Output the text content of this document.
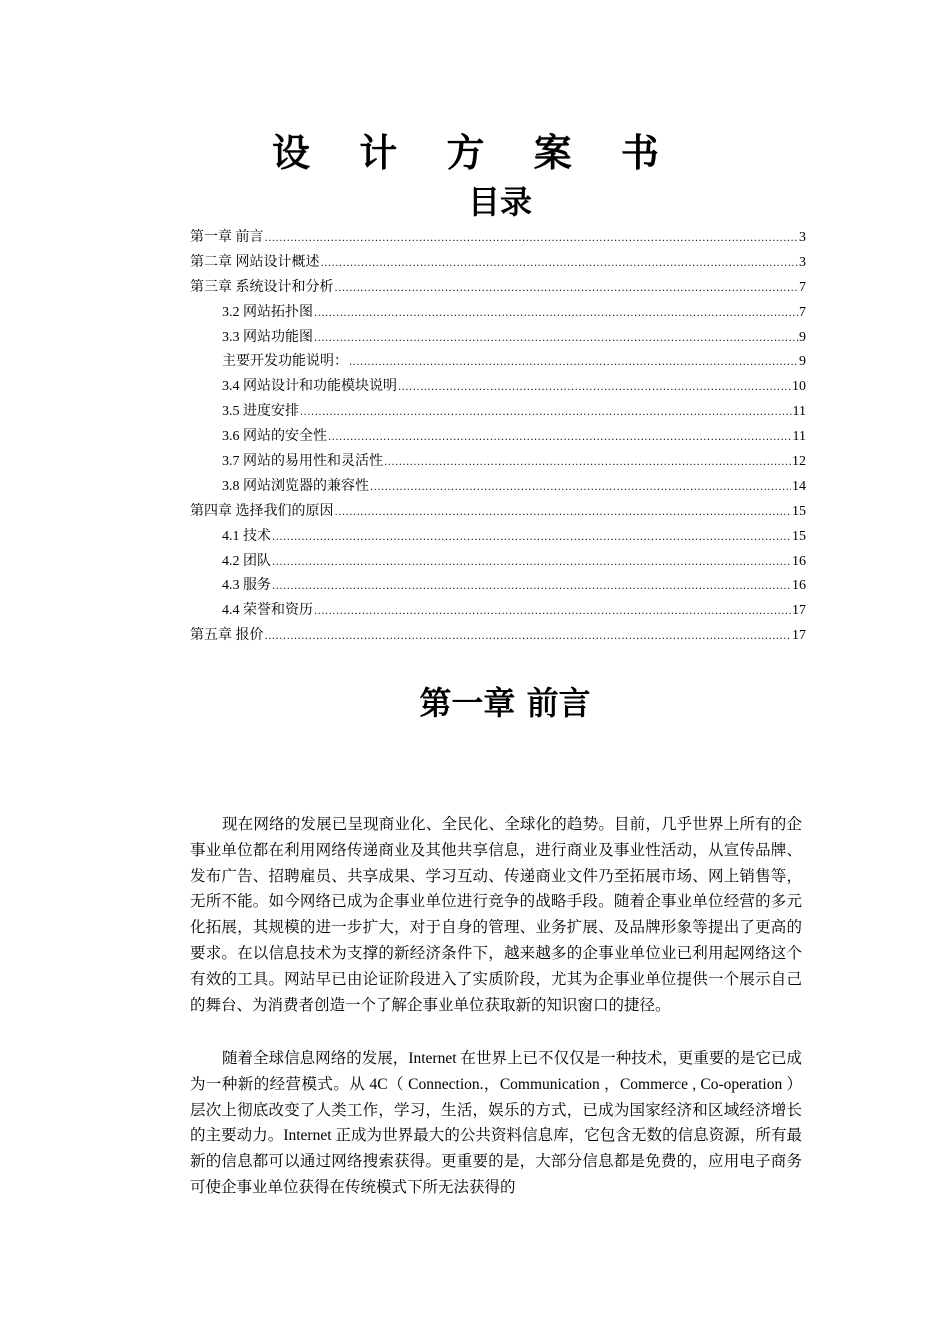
设 计 方 案 书
目录
第一章 前言 .....	3
第二章 网站设计概述 .....	3
第三章 系统设计和分析 .....	7
3.2 网站拓扑图 .....	7
3.3 网站功能图 .....	9
主要开发功能说明： .....	9
3.4 网站设计和功能模块说明 .....	10
3.5 进度安排 .....	11
3.6 网站的安全性 .....	11
3.7 网站的易用性和灵活性 .....	12
3.8 网站浏览器的兼容性 .....	14
第四章 选择我们的原因 .....	15
4.1 技术 .....	15
4.2 团队 .....	16
4.3 服务 .....	16
4.4 荣誉和资历 .....	17
第五章 报价 .....	17
第一章 前言

现在网络的发展已呈现商业化、全民化、全球化的趋势。目前，几乎世界上所有的企事业单位都在利用网络传递商业及其他共享信息，进行商业及事业性活动，从宣传品牌、发布广告、招聘雇员、共享成果、学习互动、传递商业文件乃至拓展市场、网上销售等，无所不能。如今网络已成为企事业单位进行竞争的战略手段。随着企事业单位经营的多元化拓展，其规模的进一步扩大，对于自身的管理、业务扩展、及品牌形象等提出了更高的要求。在以信息技术为支撑的新经济条件下，越来越多的企事业单位业已利用起网络这个有效的工具。网站早已由论证阶段进入了实质阶段，尤其为企事业单位提供一个展示自己的舞台、为消费者创造一个了解企事业单位获取新的知识窗口的捷径。

随着全球信息网络的发展，Internet 在世界上已不仅仅是一种技术，更重要的是它已成为一种新的经营模式。从 4C（ Connection.，Communication ，Commerce , Co-operation ）层次上彻底改变了人类工作，学习，生活，娱乐的方式，已成为国家经济和区域经济增长的主要动力。Internet 正成为世界最大的公共资料信息库，它包含无数的信息资源，所有最新的信息都可以通过网络搜索获得。更重要的是，大部分信息都是免费的，应用电子商务可使企事业单位获得在传统模式下所无法获得的
